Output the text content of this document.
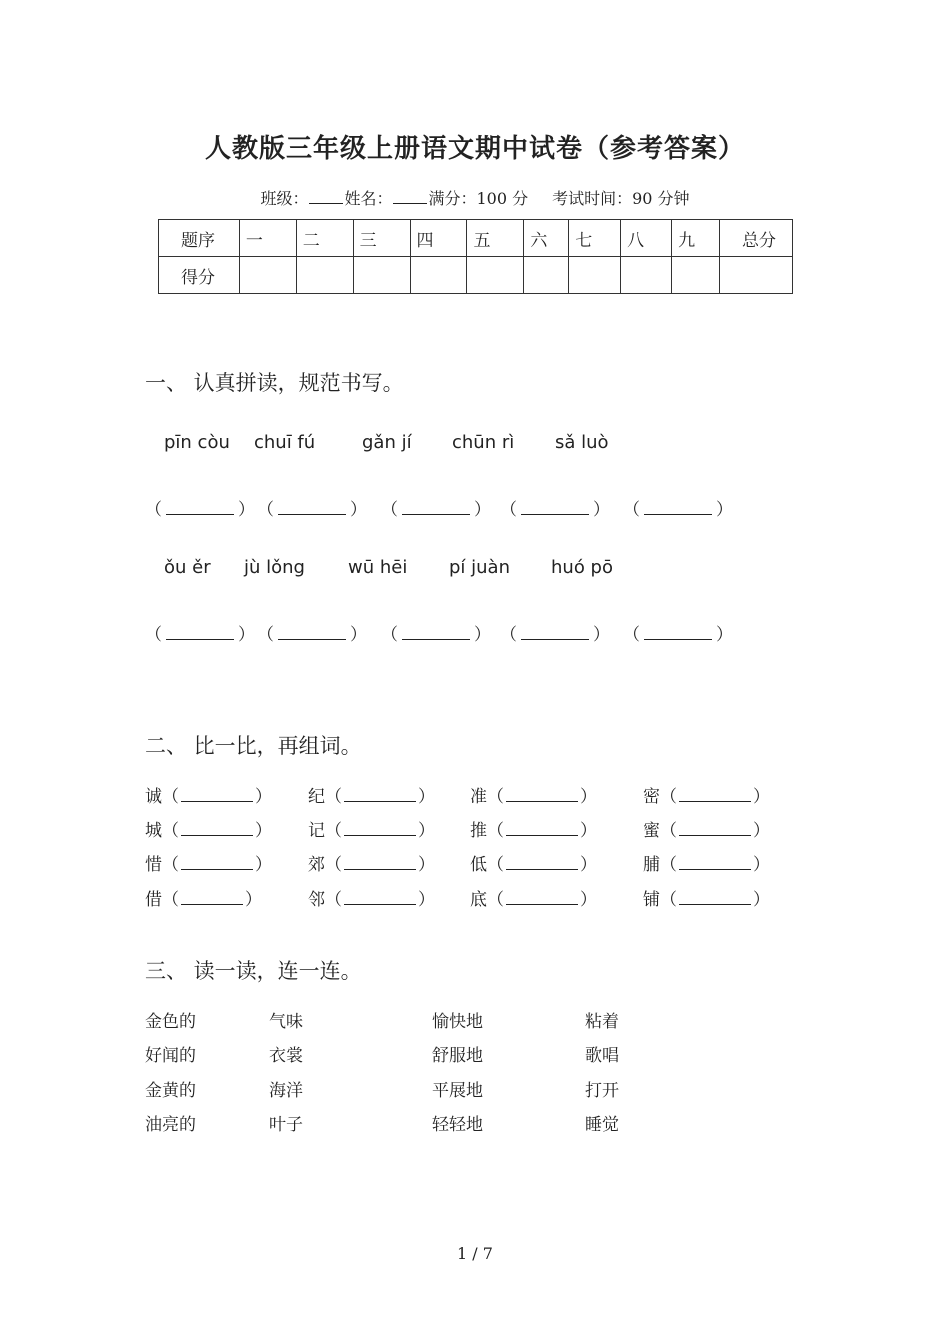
人教版三年级上册语文期中试卷（参考答案）
班级： 姓名： 满分：100 分 考试时间：90 分钟
题序	一	二	三	四	五	六	七	八	九	总分
得分										
一、 认真拼读，规范书写。
pīn còu chuī fú	gǎn jí chūn rì sǎ luò
（	） （	） （	） （	） （	）
ǒu ěr jù lǒng wū hēi pí juàn huó pō
（	） （	） （	） （	） （	）
二、 比一比，再组词。
诚（	） 纪（	） 准（	）	密（	）
城（	） 记（	） 推（	）	蜜（	）
惜（	） 郊（	） 低（	）	脯（	）
借（	）	邻（	） 底（	）	铺（	）
三、 读一读，连一连。
金色的	气味	愉快地	粘着
好闻的	衣裳	舒服地	歌唱
金黄的	海洋	平展地	打开
油亮的	叶子	轻轻地	睡觉
1 / 7
